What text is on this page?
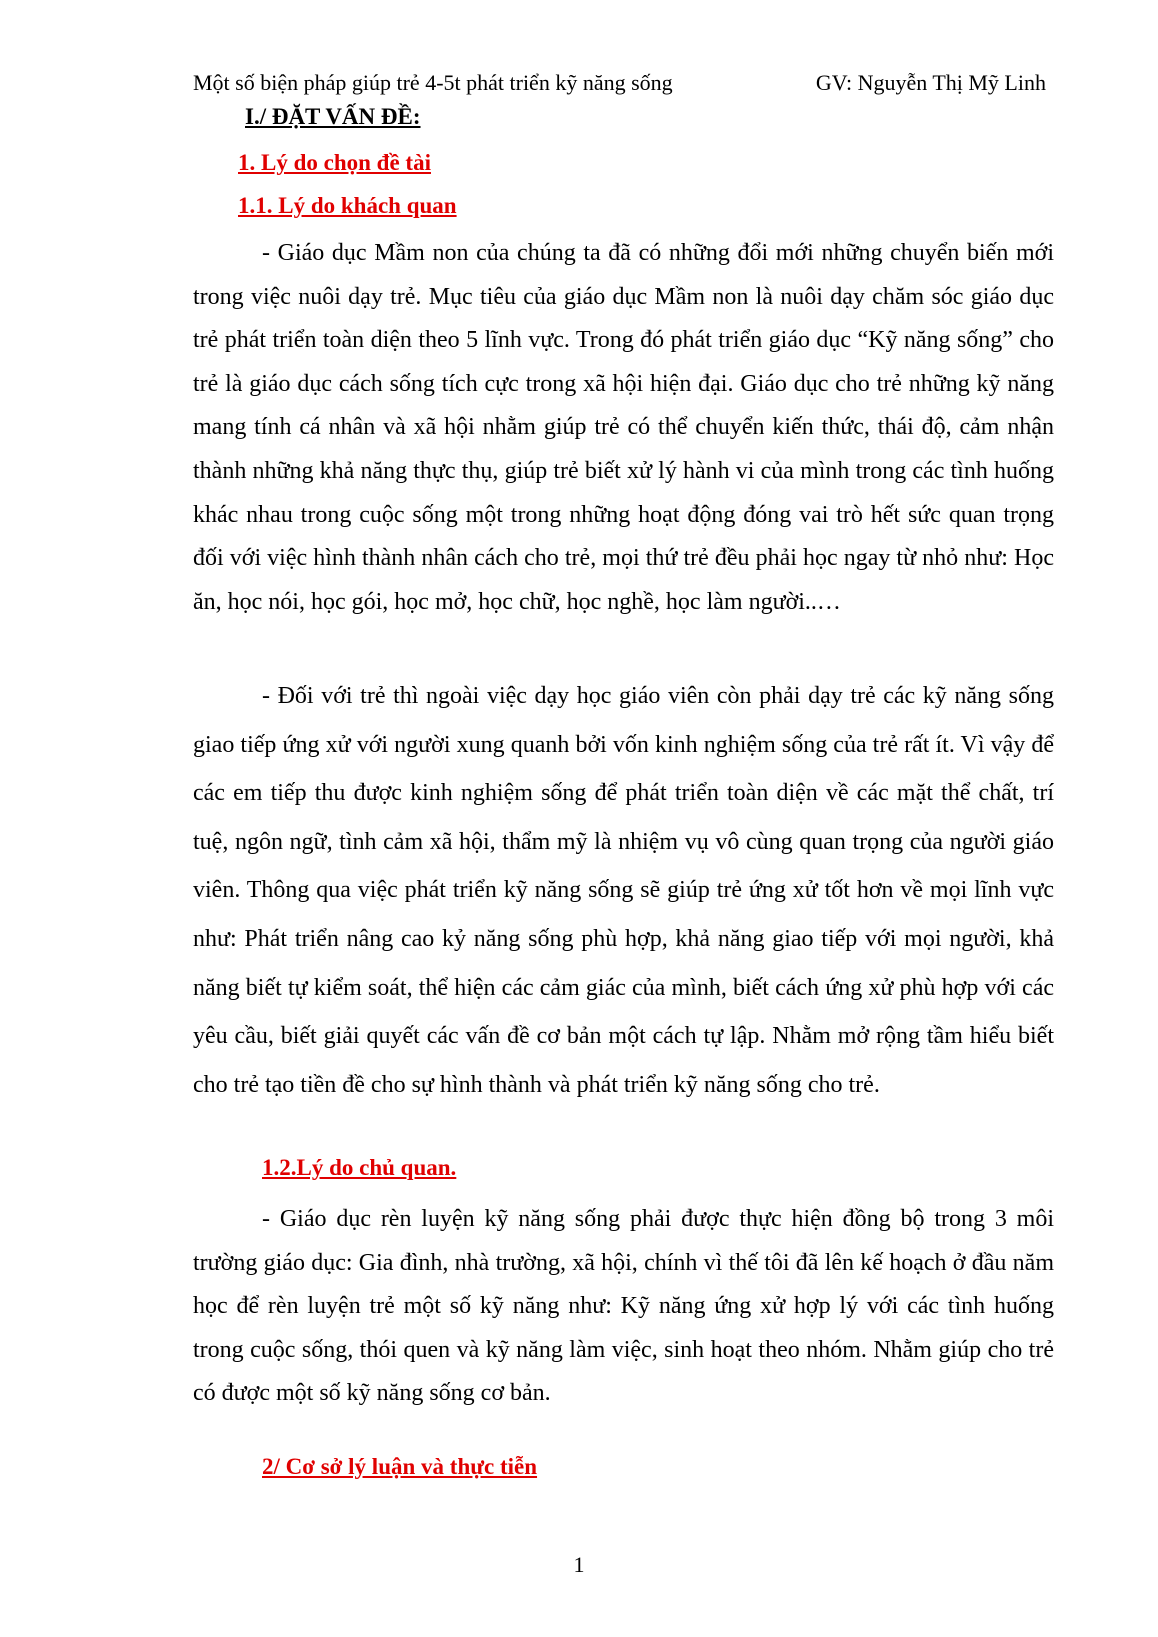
Một số biện pháp giúp trẻ 4-5t phát triển kỹ năng sống	GV: Nguyễn Thị Mỹ Linh
I./ ĐẶT VẤN ĐỀ:
1. Lý do chọn đề tài
1.1. Lý do khách quan

- Giáo dục Mầm non của chúng ta đã có những đổi mới những chuyển biến mới trong việc nuôi dạy trẻ. Mục tiêu của giáo dục Mầm non là nuôi dạy chăm sóc giáo dục trẻ phát triển toàn diện theo 5 lĩnh vực. Trong đó phát triển giáo dục “Kỹ năng sống” cho trẻ là giáo dục cách sống tích cực trong xã hội hiện đại. Giáo dục cho trẻ những kỹ năng mang tính cá nhân và xã hội nhằm giúp trẻ có thể chuyển kiến thức, thái độ, cảm nhận thành những khả năng thực thụ, giúp trẻ biết xử lý hành vi của mình trong các tình huống khác nhau trong cuộc sống một trong những hoạt động đóng vai trò hết sức quan trọng đối với việc hình thành nhân cách cho trẻ, mọi thứ trẻ đều phải học ngay từ nhỏ như: Học ăn, học nói, học gói, học mở, học chữ, học nghề, học làm người..…

- Đối với trẻ thì ngoài việc dạy học giáo viên còn phải dạy trẻ các kỹ năng sống giao tiếp ứng xử với người xung quanh bởi vốn kinh nghiệm sống của trẻ rất ít. Vì vậy để các em tiếp thu được kinh nghiệm sống để phát triển toàn diện về các mặt thể chất, trí tuệ, ngôn ngữ, tình cảm xã hội, thẩm mỹ là nhiệm vụ vô cùng quan trọng của người giáo viên. Thông qua việc phát triển kỹ năng sống sẽ giúp trẻ ứng xử tốt hơn về mọi lĩnh vực như: Phát triển nâng cao kỷ năng sống phù hợp, khả năng giao tiếp với mọi người, khả năng biết tự kiểm soát, thể hiện các cảm giác của mình, biết cách ứng xử phù hợp với các yêu cầu, biết giải quyết các vấn đề cơ bản một cách tự lập. Nhằm mở rộng tầm hiểu biết cho trẻ tạo tiền đề cho sự hình thành và phát triển kỹ năng sống cho trẻ.

1.2.Lý do chủ quan.

- Giáo dục rèn luyện kỹ năng sống phải được thực hiện đồng bộ trong 3 môi trường giáo dục: Gia đình, nhà trường, xã hội, chính vì thế tôi đã lên kế hoạch ở đầu năm học để rèn luyện trẻ một số kỹ năng như: Kỹ năng ứng xử hợp lý với các tình huống trong cuộc sống, thói quen và kỹ năng làm việc, sinh hoạt theo nhóm. Nhằm giúp cho trẻ có được một số kỹ năng sống cơ bản.

2/ Cơ sở lý luận và thực tiễn
1
